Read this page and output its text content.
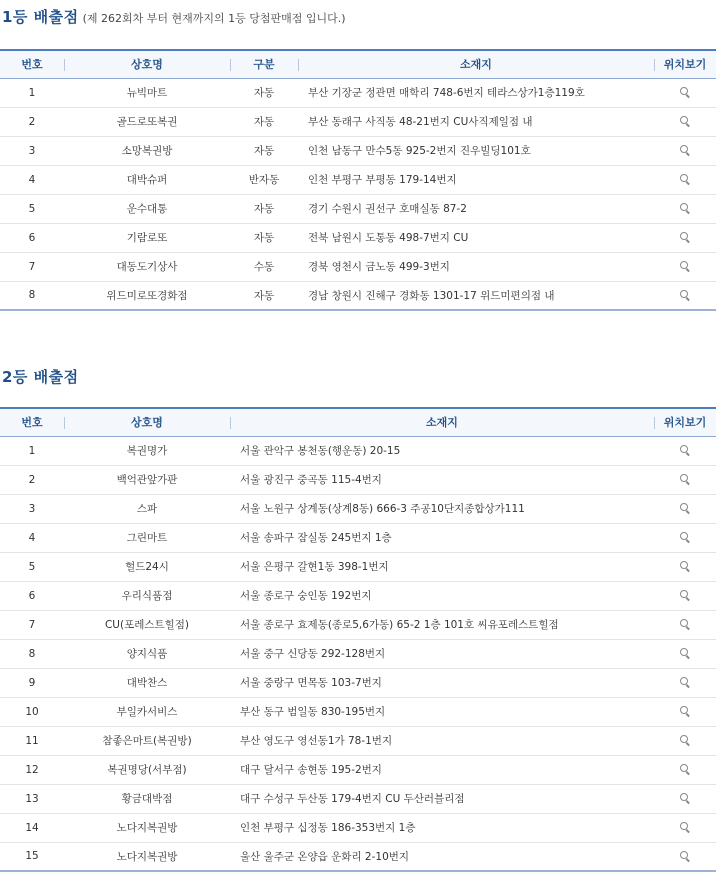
1등 배출점 (제 262회차 부터 현재까지의 1등 당첨판매점 입니다.)
번호	상호명	구분	소재지	위치보기
1	뉴빅마트	자동	부산 기장군 정관면 매학리 748-6번지 테라스상가1층119호	
2	골드로또복권	자동	부산 동래구 사직동 48-21번지 CU사직제일점 내	
3	소망복권방	자동	인천 남동구 만수5동 925-2번지 진우빌딩101호	
4	대박슈퍼	반자동	인천 부평구 부평동 179-14번지	
5	운수대통	자동	경기 수원시 권선구 호매실동 87-2	
6	기람로또	자동	전북 남원시 도통동 498-7번지 CU	
7	대동도기상사	수동	경북 영천시 금노동 499-3번지	
8	위드미로또경화점	자동	경남 창원시 진해구 경화동 1301-17 위드미편의점 내	
2등 배출점
번호	상호명	소재지	위치보기
1	복권명가	서울 관악구 봉천동(행운동) 20-15	
2	백억관앞가판	서울 광진구 중곡동 115-4번지	
3	스파	서울 노원구 상계동(상계8동) 666-3 주공10단지종합상가111	
4	그린마트	서울 송파구 잠실동 245번지 1층	
5	헐드24시	서울 은평구 갈현1동 398-1번지	
6	우리식품점	서울 종로구 숭인동 192번지	
7	CU(포레스트힐점)	서울 종로구 효제동(종로5,6가동) 65-2 1층 101호 씨유포레스트힐점	
8	양지식품	서울 중구 신당동 292-128번지	
9	대박찬스	서울 중랑구 면목동 103-7번지	
10	부일카서비스	부산 동구 범일동 830-195번지	
11	참좋은마트(복권방)	부산 영도구 영선동1가 78-1번지	
12	복권명당(서부점)	대구 달서구 송현동 195-2번지	
13	황금대박점	대구 수성구 두산동 179-4번지 CU 두산러블리점	
14	노다지복권방	인천 부평구 십정동 186-353번지 1층	
15	노다지복권방	울산 울주군 온양읍 운화리 2-10번지	
